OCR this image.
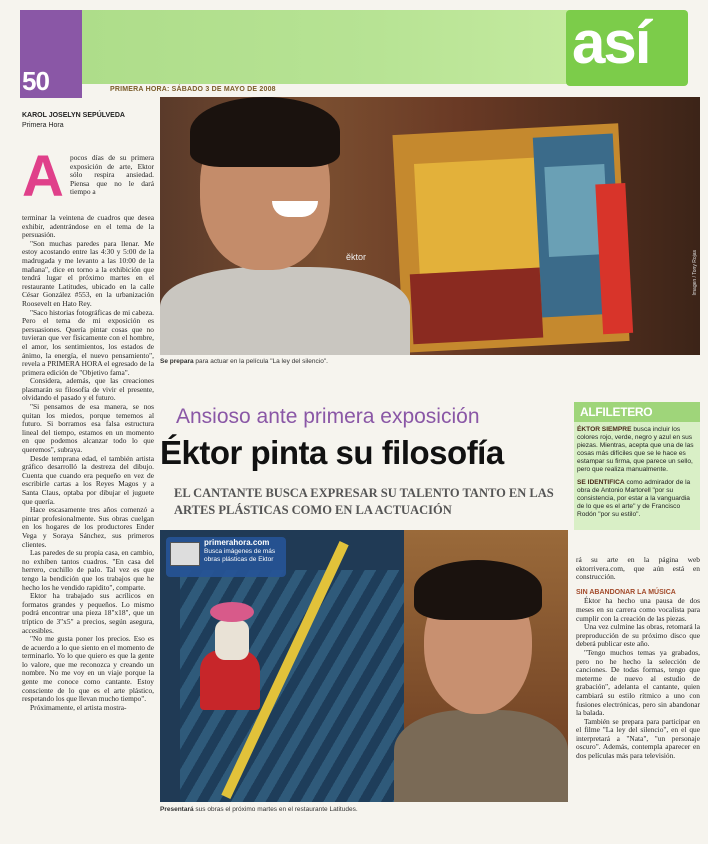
50
así
PRIMERA HORA: SÁBADO 3 DE MAYO DE 2008
Imagen / Tony Rojas
Se prepara para actuar en la película "La ley del silencio".
KAROL JOSELYN SEPÚLVEDA
Primera Hora
A pocos días de su primera exposición de arte, Ektor sólo respira ansiedad. Piensa que no le dará tiempo a

terminar la veintena de cuadros que desea exhibir, adentrándose en el tema de la persuasión.

"Son muchas paredes para llenar. Me estoy acostando entre las 4:30 y 5:00 de la madrugada y me levanto a las 10:00 de la mañana", dice en torno a la exhibición que tendrá lugar el próximo martes en el restaurante Latitudes, ubicado en la calle César González #553, en la urbanización Roosevelt en Hato Rey.

"Saco historias fotográficas de mi cabeza. Pero el tema de mi exposición es persuasiones. Quería pintar cosas que no tuvieran que ver físicamente con el hombre, el amor, los sentimientos, los estados de ánimo, la energía, el nuevo pensamiento", revela a PRIMERA HORA el egresado de la primera edición de "Objetivo fama".

Considera, además, que las creaciones plasmarán su filosofía de vivir el presente, olvidando el pasado y el futuro.

"Si pensamos de esa manera, se nos quitan los miedos, porque tememos al futuro. Si borramos esa falsa estructura lineal del tiempo, estamos en un momento en que podemos alcanzar todo lo que queremos", subraya.

Desde temprana edad, el también artista gráfico desarrolló la destreza del dibujo. Cuenta que cuando era pequeño en vez de escribirle cartas a los Reyes Magos y a Santa Claus, optaba por dibujar el juguete que quería.

Hace escasamente tres años comenzó a pintar profesionalmente. Sus obras cuelgan en los hogares de los productores Ender Vega y Soraya Sánchez, sus primeros clientes.

Las paredes de su propia casa, en cambio, no exhiben tantos cuadros. "En casa del herrero, cuchillo de palo. Tal vez es que tengo la bendición que los trabajos que he hecho los he vendido rapidito", comparte.

Ektor ha trabajado sus acrílicos en formatos grandes y pequeños. Lo mismo podrá encontrar una pieza 18"x18", que un tríptico de 3"x5" a precios, según asegura, accesibles.

"No me gusta poner los precios. Eso es de acuerdo a lo que siento en el momento de terminarlo. Yo lo que quiero es que la gente lo valore, que me reconozca y creando un nombre. No me voy en un viaje porque la gente me conoce como cantante. Estoy consciente de lo que es el arte plástico, respetando los que llevan mucho tiempo".

Próximamente, el artista mostra-

Ansioso ante primera exposición
Éktor pinta su filosofía
EL CANTANTE BUSCA EXPRESAR SU TALENTO TANTO EN LAS ARTES PLÁSTICAS COMO EN LA ACTUACIÓN
ALFILETERO

ÉKTOR SIEMPRE busca incluir los colores rojo, verde, negro y azul en sus piezas. Mientras, acepta que una de las cosas más difíciles que se le hace es estampar su firma, que parece un sello, pero que realiza manualmente.

SE IDENTIFICA como admirador de la obra de Antonio Martorell "por su consistencia, por estar a la vanguardia de lo que es el arte" y de Francisco Rodón "por su estilo".

ěktor
primerahora.com
Busca imágenes de más obras plásticas de Ektor
Presentará sus obras el próximo martes en el restaurante Latitudes.

rá su arte en la página web ektorrivera.com, que aún está en construcción.

SIN ABANDONAR LA MÚSICA

Éktor ha hecho una pausa de dos meses en su carrera como vocalista para cumplir con la creación de las piezas.

Una vez culmine las obras, retomará la preproducción de su próximo disco que deberá publicar este año.

"Tengo muchos temas ya grabados, pero no he hecho la selección de canciones. De todas formas, tengo que meterme de nuevo al estudio de grabación", adelanta el cantante, quien cambiará su estilo rítmico a uno con fusiones electrónicas, pero sin abandonar la balada.

También se prepara para participar en el filme "La ley del silencio", en el que interpretará a "Nata", "un personaje oscuro". Además, contempla aparecer en dos películas más para televisión.
